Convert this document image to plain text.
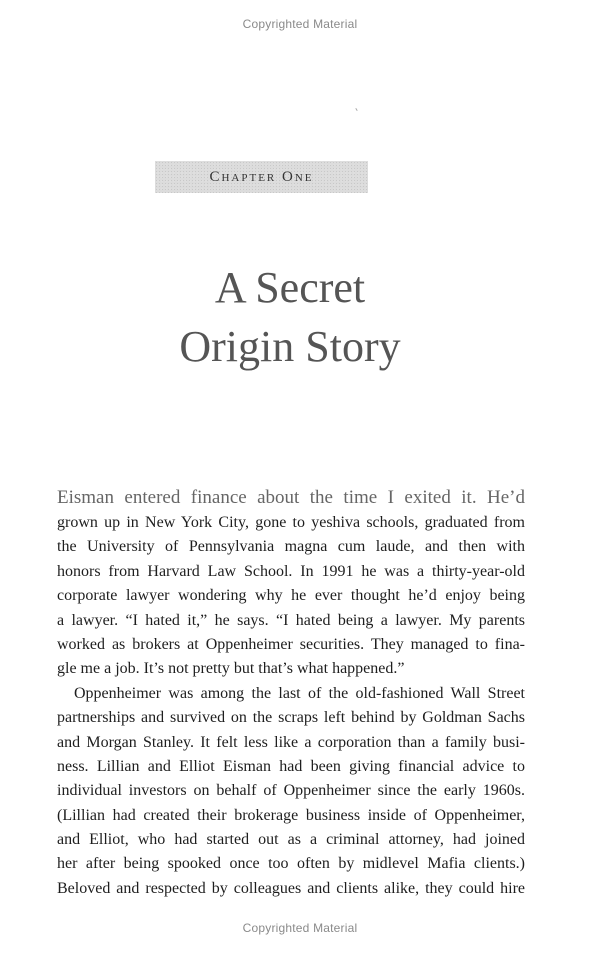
Copyrighted Material
Chapter One
A Secret
Origin Story
Eisman entered finance about the time I exited it. He’d
grown up in New York City, gone to yeshiva schools, graduated from
the University of Pennsylvania magna cum laude, and then with
honors from Harvard Law School. In 1991 he was a thirty-year-old
corporate lawyer wondering why he ever thought he’d enjoy being
a lawyer. “I hated it,” he says. “I hated being a lawyer. My parents
worked as brokers at Oppenheimer securities. They managed to fina-
gle me a job. It’s not pretty but that’s what happened.”
Oppenheimer was among the last of the old-fashioned Wall Street
partnerships and survived on the scraps left behind by Goldman Sachs
and Morgan Stanley. It felt less like a corporation than a family busi-
ness. Lillian and Elliot Eisman had been giving financial advice to
individual investors on behalf of Oppenheimer since the early 1960s.
(Lillian had created their brokerage business inside of Oppenheimer,
and Elliot, who had started out as a criminal attorney, had joined
her after being spooked once too often by midlevel Mafia clients.)
Beloved and respected by colleagues and clients alike, they could hire
Copyrighted Material
